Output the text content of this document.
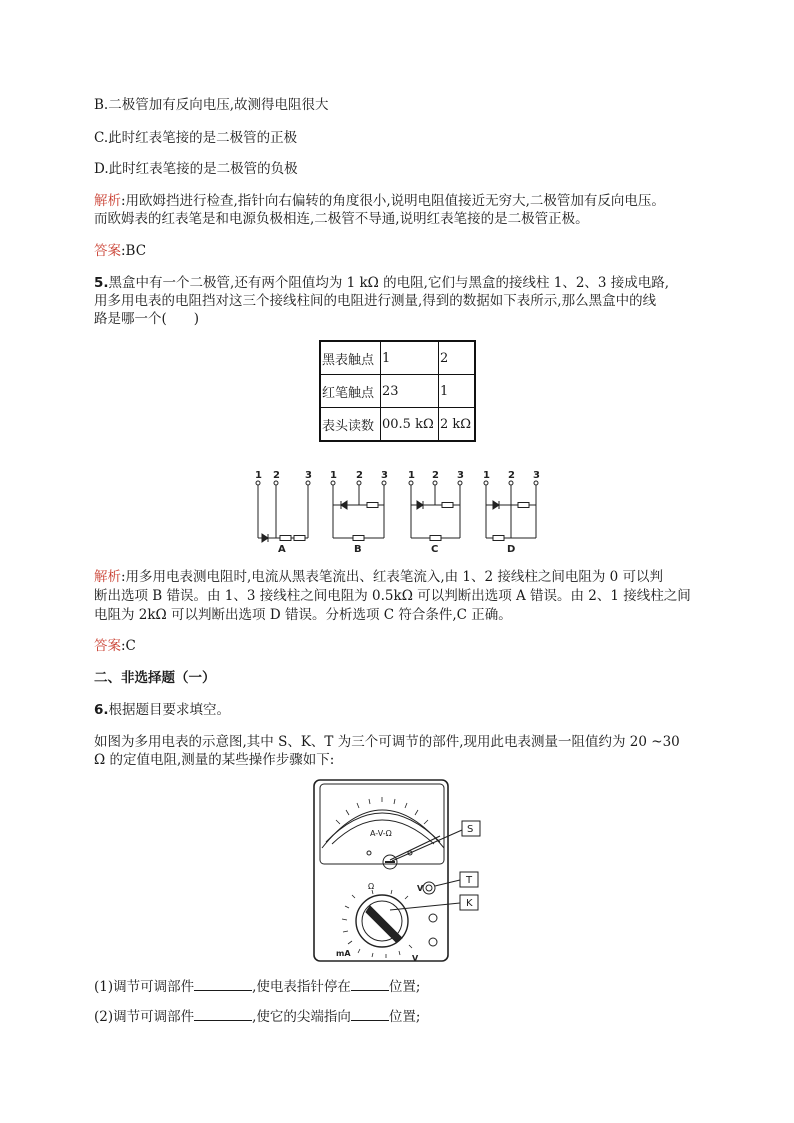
B.二极管加有反向电压,故测得电阻很大
C.此时红表笔接的是二极管的正极
D.此时红表笔接的是二极管的负极
解析:用欧姆挡进行检查,指针向右偏转的角度很小,说明电阻值接近无穷大,二极管加有反向电压。
而欧姆表的红表笔是和电源负极相连,二极管不导通,说明红表笔接的是二极管正极。
答案:BC
5.黑盒中有一个二极管,还有两个阻值均为 1 kΩ 的电阻,它们与黑盒的接线柱 1、2、3 接成电路,
用多用电表的电阻挡对这三个接线柱间的电阻进行测量,得到的数据如下表所示,那么黑盒中的线
路是哪一个(　　)
黑表触点	1	2
红笔触点	23	1
表头读数	00.5 kΩ	2 kΩ
1 2	3 1 2 3 1 2 3 1 2 3
A	B	C	D
解析:用多用电表测电阻时,电流从黑表笔流出、红表笔流入,由 1、2 接线柱之间电阻为 0 可以判
断出选项 B 错误。由 1、3 接线柱之间电阻为 0.5kΩ 可以判断出选项 A 错误。由 2、1 接线柱之间
电阻为 2kΩ 可以判断出选项 D 错误。分析选项 C 符合条件,C 正确。
答案:C
二、非选择题（一）
6.根据题目要求填空。
如图为多用电表的示意图,其中 S、K、T 为三个可调节的部件,现用此电表测量一阻值约为 20 ~30
Ω 的定值电阻,测量的某些操作步骤如下:
A-V-Ω
Ω
mA
V
V
S
T
K
(1)调节可调部件	,使电表指针停在	位置;
(2)调节可调部件	,使它的尖端指向	位置;
